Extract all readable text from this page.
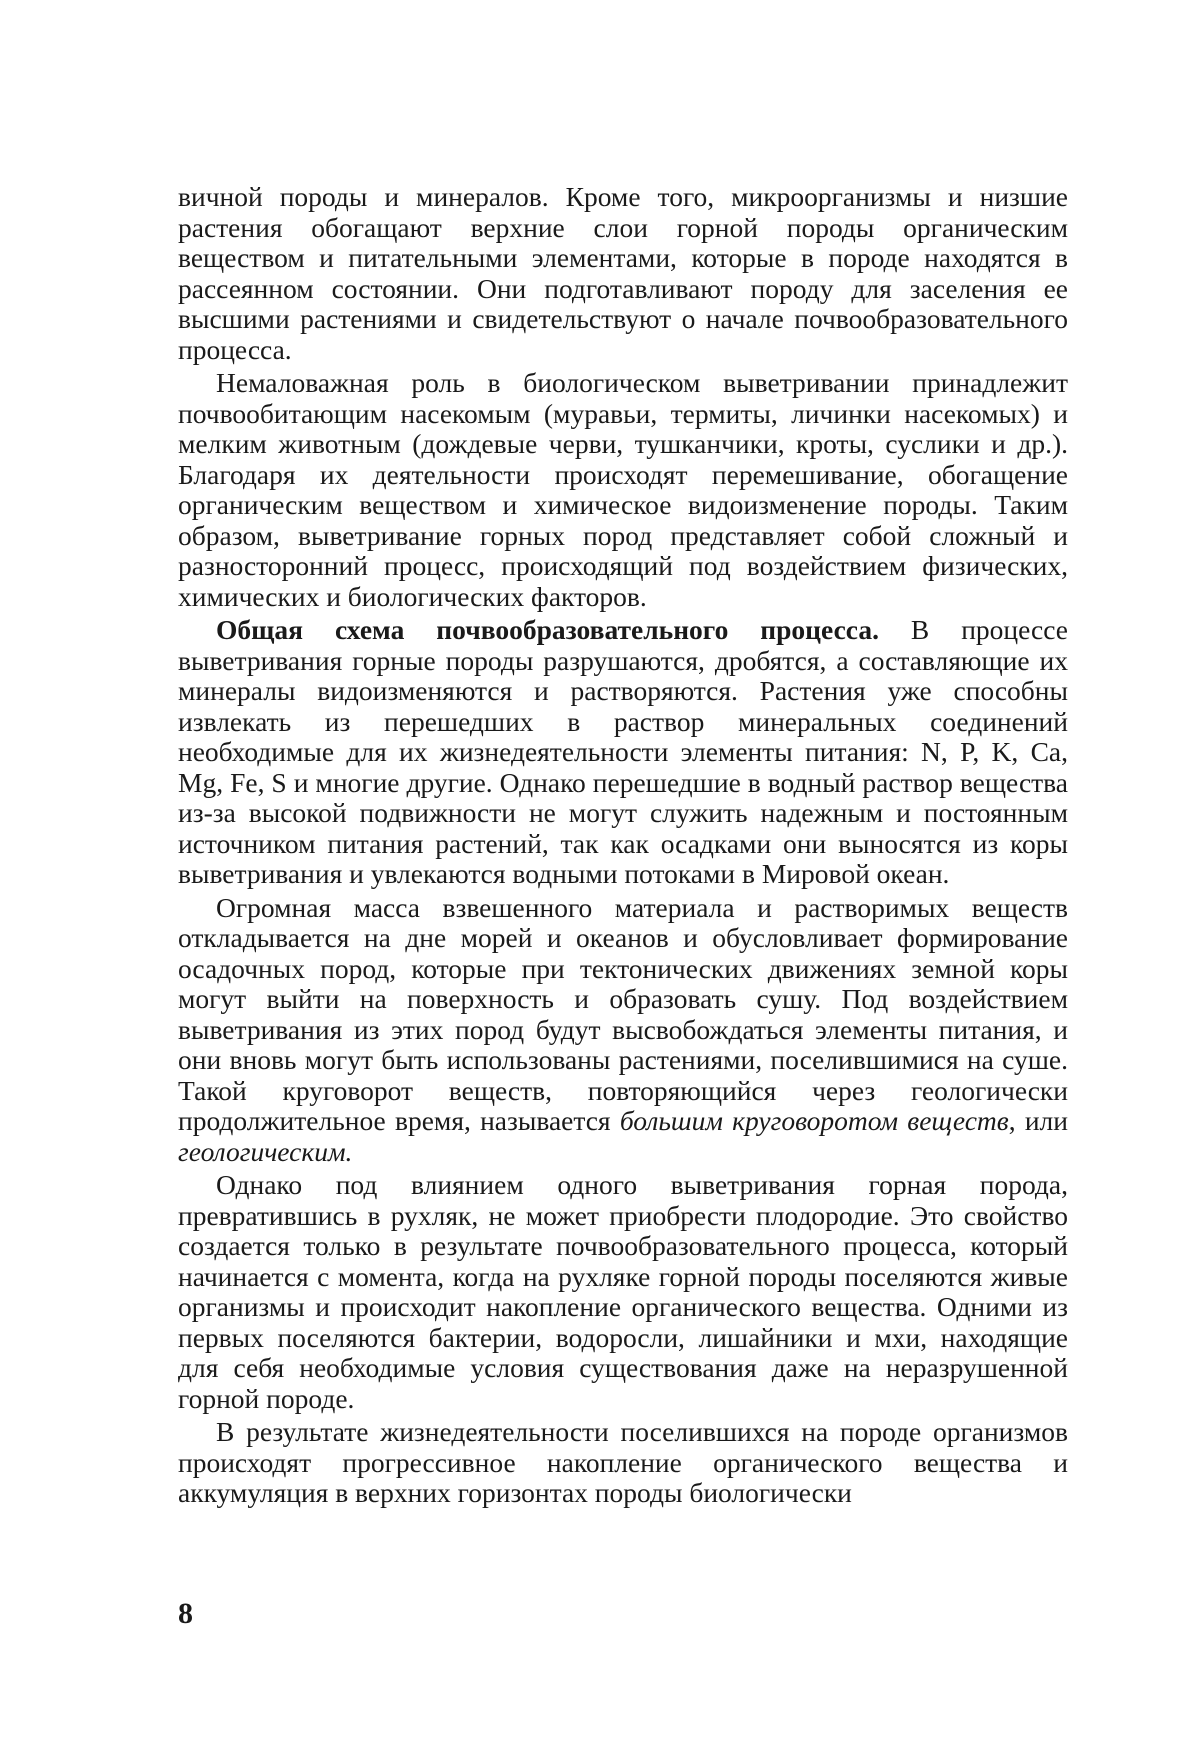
вичной породы и минералов. Кроме того, микроорганизмы и низшие растения обогащают верхние слои горной породы органическим веществом и питательными элементами, которые в породе находятся в рассеянном состоянии. Они подготавливают породу для заселения ее высшими растениями и свидетельствуют о начале почвообразовательного процесса.

Немаловажная роль в биологическом выветривании принадлежит почвообитающим насекомым (муравьи, термиты, личинки насекомых) и мелким животным (дождевые черви, тушканчики, кроты, суслики и др.). Благодаря их деятельности происходят перемешивание, обогащение органическим веществом и химическое видоизменение породы. Таким образом, выветривание горных пород представляет собой сложный и разносторонний процесс, происходящий под воздействием физических, химических и биологических факторов.

Общая схема почвообразовательного процесса. В процессе выветривания горные породы разрушаются, дробятся, а составляющие их минералы видоизменяются и растворяются. Растения уже способны извлекать из перешедших в раствор минеральных соединений необходимые для их жизнедеятельности элементы питания: N, P, K, Ca, Mg, Fe, S и многие другие. Однако перешедшие в водный раствор вещества из-за высокой подвижности не могут служить надежным и постоянным источником питания растений, так как осадками они выносятся из коры выветривания и увлекаются водными потоками в Мировой океан.

Огромная масса взвешенного материала и растворимых веществ откладывается на дне морей и океанов и обусловливает формирование осадочных пород, которые при тектонических движениях земной коры могут выйти на поверхность и образовать сушу. Под воздействием выветривания из этих пород будут высвобождаться элементы питания, и они вновь могут быть использованы растениями, поселившимися на суше. Такой круговорот веществ, повторяющийся через геологически продолжительное время, называется большим круговоротом веществ, или геологическим.

Однако под влиянием одного выветривания горная порода, превратившись в рухляк, не может приобрести плодородие. Это свойство создается только в результате почвообразовательного процесса, который начинается с момента, когда на рухляке горной породы поселяются живые организмы и происходит накопление органического вещества. Одними из первых поселяются бактерии, водоросли, лишайники и мхи, находящие для себя необходимые условия существования даже на неразрушенной горной породе.

В результате жизнедеятельности поселившихся на породе организмов происходят прогрессивное накопление органического вещества и аккумуляция в верхних горизонтах породы биологически

8
